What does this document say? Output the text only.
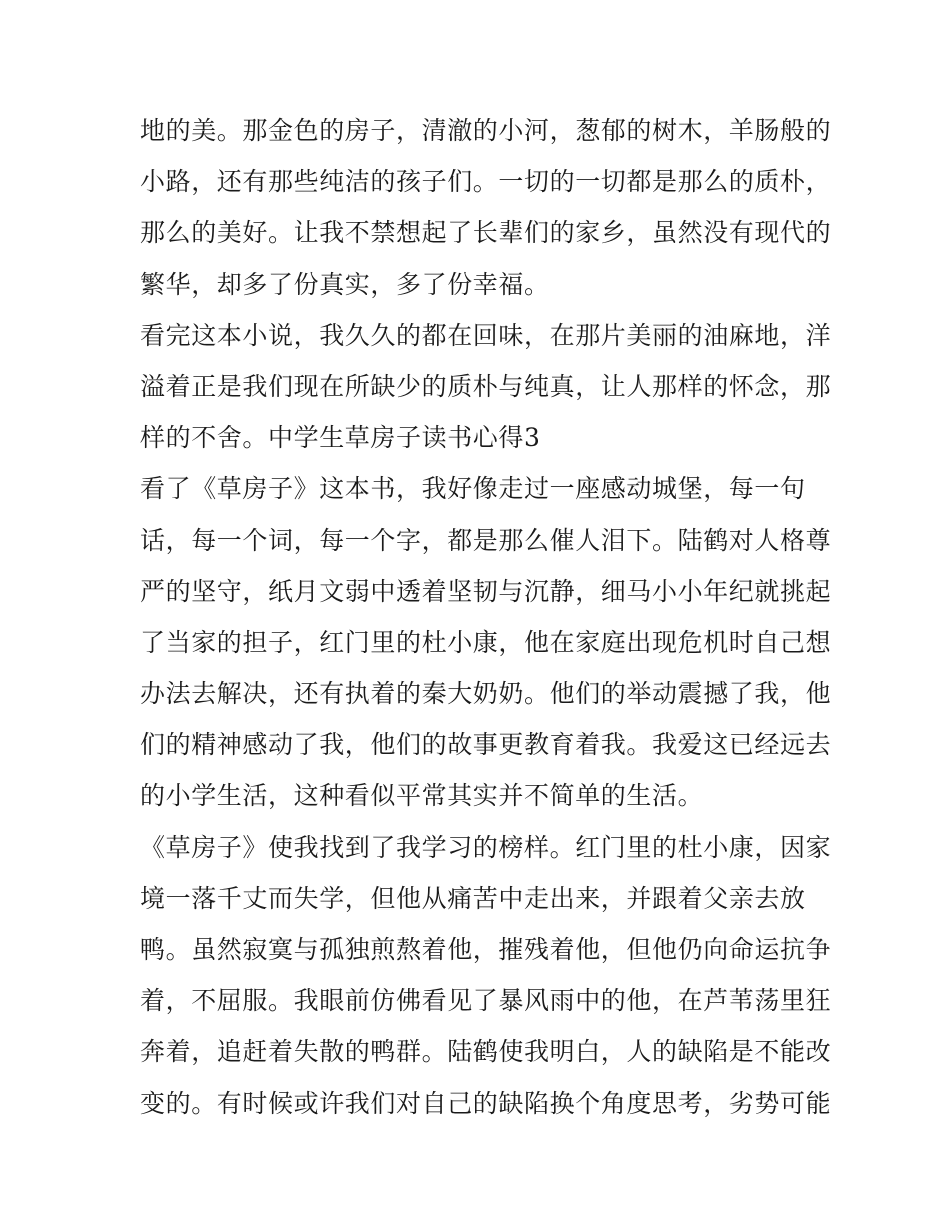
地的美。那金色的房子，清澈的小河，葱郁的树木，羊肠般的
小路，还有那些纯洁的孩子们。一切的一切都是那么的质朴，
那么的美好。让我不禁想起了长辈们的家乡，虽然没有现代的
繁华，却多了份真实，多了份幸福。
看完这本小说，我久久的都在回味，在那片美丽的油麻地，洋
溢着正是我们现在所缺少的质朴与纯真，让人那样的怀念，那
样的不舍。中学生草房子读书心得3
看了《草房子》这本书，我好像走过一座感动城堡，每一句
话，每一个词，每一个字，都是那么催人泪下。陆鹤对人格尊
严的坚守，纸月文弱中透着坚韧与沉静，细马小小年纪就挑起
了当家的担子，红门里的杜小康，他在家庭出现危机时自己想
办法去解决，还有执着的秦大奶奶。他们的举动震撼了我，他
们的精神感动了我，他们的故事更教育着我。我爱这已经远去
的小学生活，这种看似平常其实并不简单的生活。
《草房子》使我找到了我学习的榜样。红门里的杜小康，因家
境一落千丈而失学，但他从痛苦中走出来，并跟着父亲去放
鸭。虽然寂寞与孤独煎熬着他，摧残着他，但他仍向命运抗争
着，不屈服。我眼前仿佛看见了暴风雨中的他，在芦苇荡里狂
奔着，追赶着失散的鸭群。陆鹤使我明白，人的缺陷是不能改
变的。有时候或许我们对自己的缺陷换个角度思考，劣势可能
